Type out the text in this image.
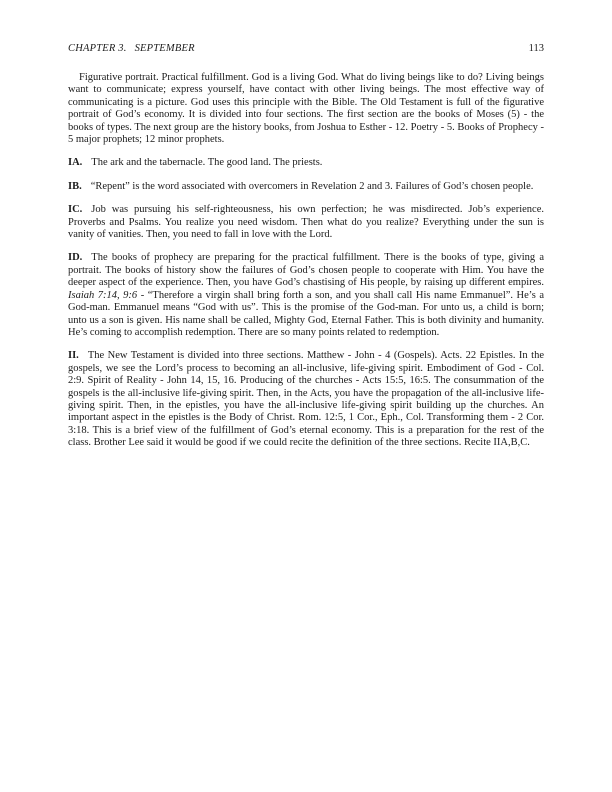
CHAPTER 3. SEPTEMBER	113

Figurative portrait. Practical fulfillment. God is a living God. What do living beings like to do? Living beings want to communicate; express yourself, have contact with other living beings. The most effective way of communicating is a picture. God uses this principle with the Bible. The Old Testament is full of the figurative portrait of God’s economy. It is divided into four sections. The first section are the books of Moses (5) - the books of types. The next group are the history books, from Joshua to Esther - 12. Poetry - 5. Books of Prophecy - 5 major prophets; 12 minor prophets.

IA. The ark and the tabernacle. The good land. The priests.

IB. “Repent” is the word associated with overcomers in Revelation 2 and 3. Failures of God’s chosen people.

IC. Job was pursuing his self-righteousness, his own perfection; he was misdirected. Job’s experience. Proverbs and Psalms. You realize you need wisdom. Then what do you realize? Everything under the sun is vanity of vanities. Then, you need to fall in love with the Lord.

ID. The books of prophecy are preparing for the practical fulfillment. There is the books of type, giving a portrait. The books of history show the failures of God’s chosen people to cooperate with Him. You have the deeper aspect of the experience. Then, you have God’s chastising of His people, by raising up different empires. Isaiah 7:14, 9:6 - “Therefore a virgin shall bring forth a son, and you shall call His name Emmanuel”. He’s a God-man. Emmanuel means “God with us”. This is the promise of the God-man. For unto us, a child is born; unto us a son is given. His name shall be called, Mighty God, Eternal Father. This is both divinity and humanity. He’s coming to accomplish redemption. There are so many points related to redemption.

II. The New Testament is divided into three sections. Matthew - John - 4 (Gospels). Acts. 22 Epistles. In the gospels, we see the Lord’s process to becoming an all-inclusive, life-giving spirit. Embodiment of God - Col. 2:9. Spirit of Reality - John 14, 15, 16. Producing of the churches - Acts 15:5, 16:5. The consummation of the gospels is the all-inclusive life-giving spirit. Then, in the Acts, you have the propagation of the all-inclusive life-giving spirit. Then, in the epistles, you have the all-inclusive life-giving spirit building up the churches. An important aspect in the epistles is the Body of Christ. Rom. 12:5, 1 Cor., Eph., Col. Transforming them - 2 Cor. 3:18. This is a brief view of the fulfillment of God’s eternal economy. This is a preparation for the rest of the class. Brother Lee said it would be good if we could recite the definition of the three sections. Recite IIA,B,C.
